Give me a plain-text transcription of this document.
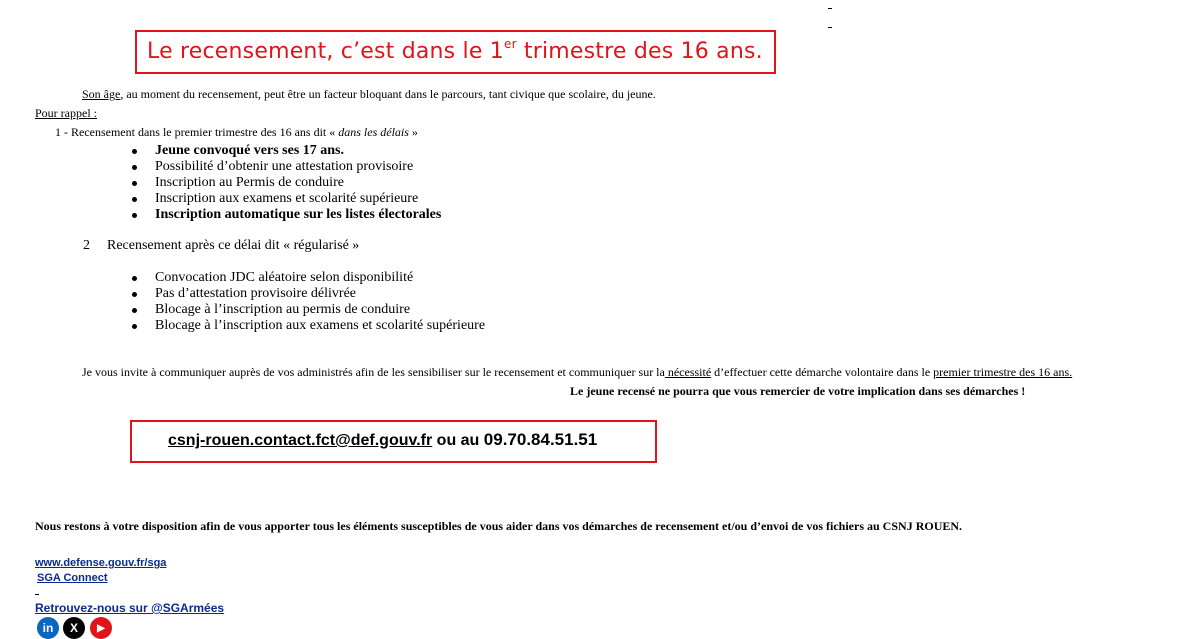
Le recensement, c’est dans le 1er trimestre des 16 ans.
Son âge, au moment du recensement, peut être un facteur bloquant dans le parcours, tant civique que scolaire, du jeune.
Pour rappel :
1 - Recensement dans le premier trimestre des 16 ans dit « dans les délais »
Jeune convoqué vers ses 17 ans.
Possibilité d’obtenir une attestation provisoire
Inscription au Permis de conduire
Inscription aux examens et scolarité supérieure
Inscription automatique sur les listes électorales
2 Recensement après ce délai dit « régularisé »
Convocation JDC aléatoire selon disponibilité
Pas d’attestation provisoire délivrée
Blocage à l’inscription au permis de conduire
Blocage à l’inscription aux examens et scolarité supérieure
Je vous invite à communiquer auprès de vos administrés afin de les sensibiliser sur le recensement et communiquer sur la nécessité d’effectuer cette démarche volontaire dans le premier trimestre des 16 ans.
Le jeune recensé ne pourra que vous remercier de votre implication dans ses démarches !
csnj-rouen.contact.fct@def.gouv.fr ou au 09.70.84.51.51
Nous restons à votre disposition afin de vous apporter tous les éléments susceptibles de vous aider dans vos démarches de recensement et/ou d’envoi de vos fichiers au CSNJ ROUEN.
www.defense.gouv.fr/sga
SGA Connect
Retrouvez-nous sur @SGArmées
in X ▶
